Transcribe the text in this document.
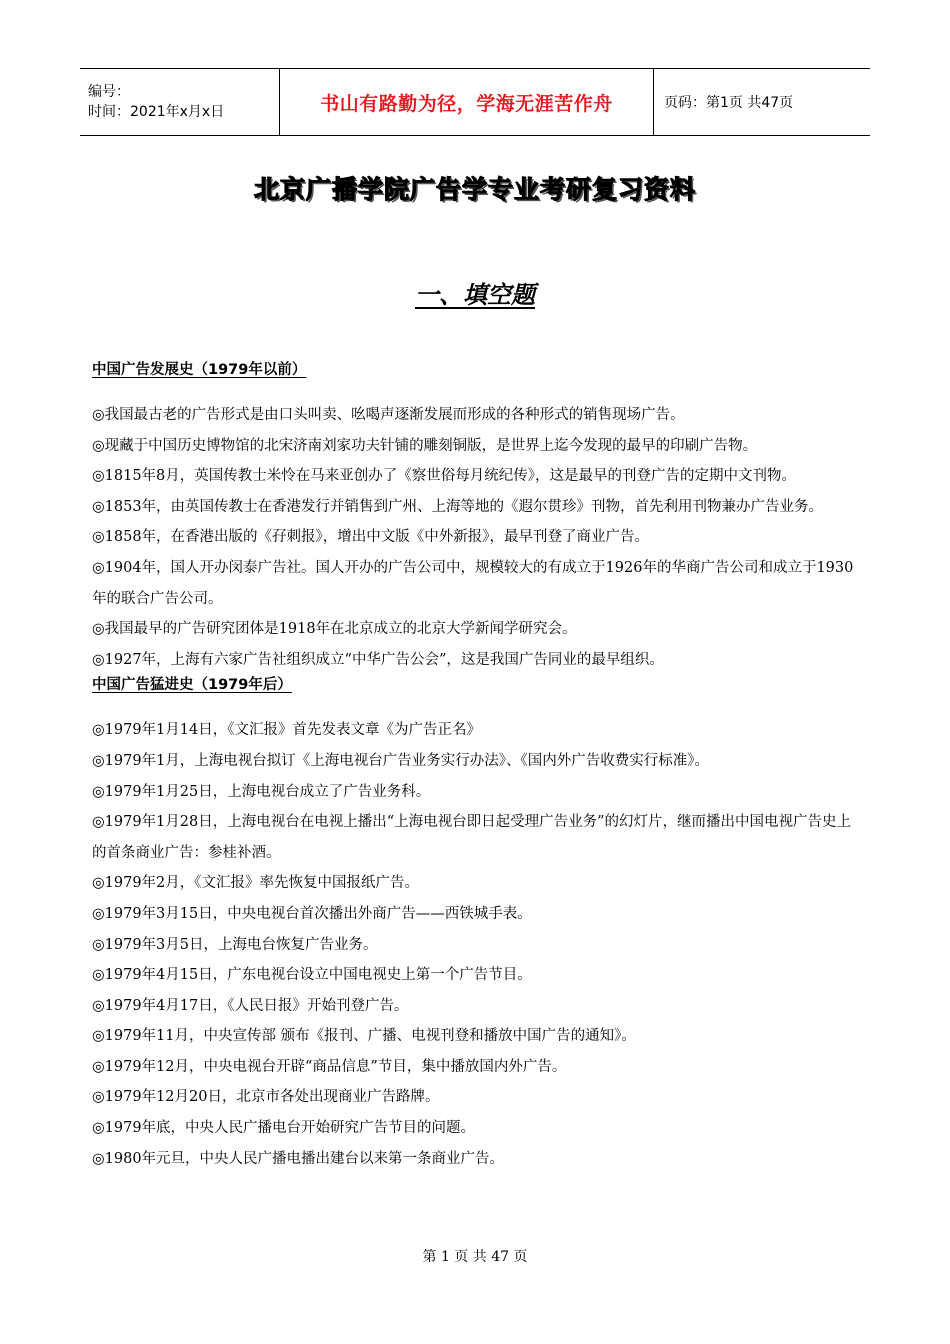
编号：
时间：2021年x月x日	书山有路勤为径，学海无涯苦作舟	页码：第1页 共47页
北京广播学院广告学专业考研复习资料
一、填空题
中国广告发展史（1979年以前）
◎我国最古老的广告形式是由口头叫卖、吆喝声逐渐发展而形成的各种形式的销售现场广告。
◎现藏于中国历史博物馆的北宋济南刘家功夫针铺的雕刻铜版，是世界上迄今发现的最早的印刷广告物。
◎1815年8月，英国传教士米怜在马来亚创办了《察世俗每月统纪传》，这是最早的刊登广告的定期中文刊物。
◎1853年，由英国传教士在香港发行并销售到广州、上海等地的《遐尔贯珍》刊物，首先利用刊物兼办广告业务。
◎1858年，在香港出版的《孖刺报》，增出中文版《中外新报》，最早刊登了商业广告。
◎1904年，国人开办闵泰广告社。国人开办的广告公司中，规模较大的有成立于1926年的华商广告公司和成立于1930年的联合广告公司。
◎我国最早的广告研究团体是1918年在北京成立的北京大学新闻学研究会。
◎1927年，上海有六家广告社组织成立“中华广告公会”，这是我国广告同业的最早组织。
中国广告猛进史（1979年后）
◎1979年1月14日，《文汇报》首先发表文章《为广告正名》
◎1979年1月，上海电视台拟订《上海电视台广告业务实行办法》、《国内外广告收费实行标准》。
◎1979年1月25日，上海电视台成立了广告业务科。
◎1979年1月28日，上海电视台在电视上播出“上海电视台即日起受理广告业务”的幻灯片，继而播出中国电视广告史上的首条商业广告：参桂补酒。
◎1979年2月，《文汇报》率先恢复中国报纸广告。
◎1979年3月15日，中央电视台首次播出外商广告——西铁城手表。
◎1979年3月5日，上海电台恢复广告业务。
◎1979年4月15日，广东电视台设立中国电视史上第一个广告节目。
◎1979年4月17日，《人民日报》开始刊登广告。
◎1979年11月，中央宣传部 颁布《报刊、广播、电视刊登和播放中国广告的通知》。
◎1979年12月，中央电视台开辟“商品信息”节目，集中播放国内外广告。
◎1979年12月20日，北京市各处出现商业广告路牌。
◎1979年底，中央人民广播电台开始研究广告节目的问题。
◎1980年元旦，中央人民广播电播出建台以来第一条商业广告。
第 1 页 共 47 页
